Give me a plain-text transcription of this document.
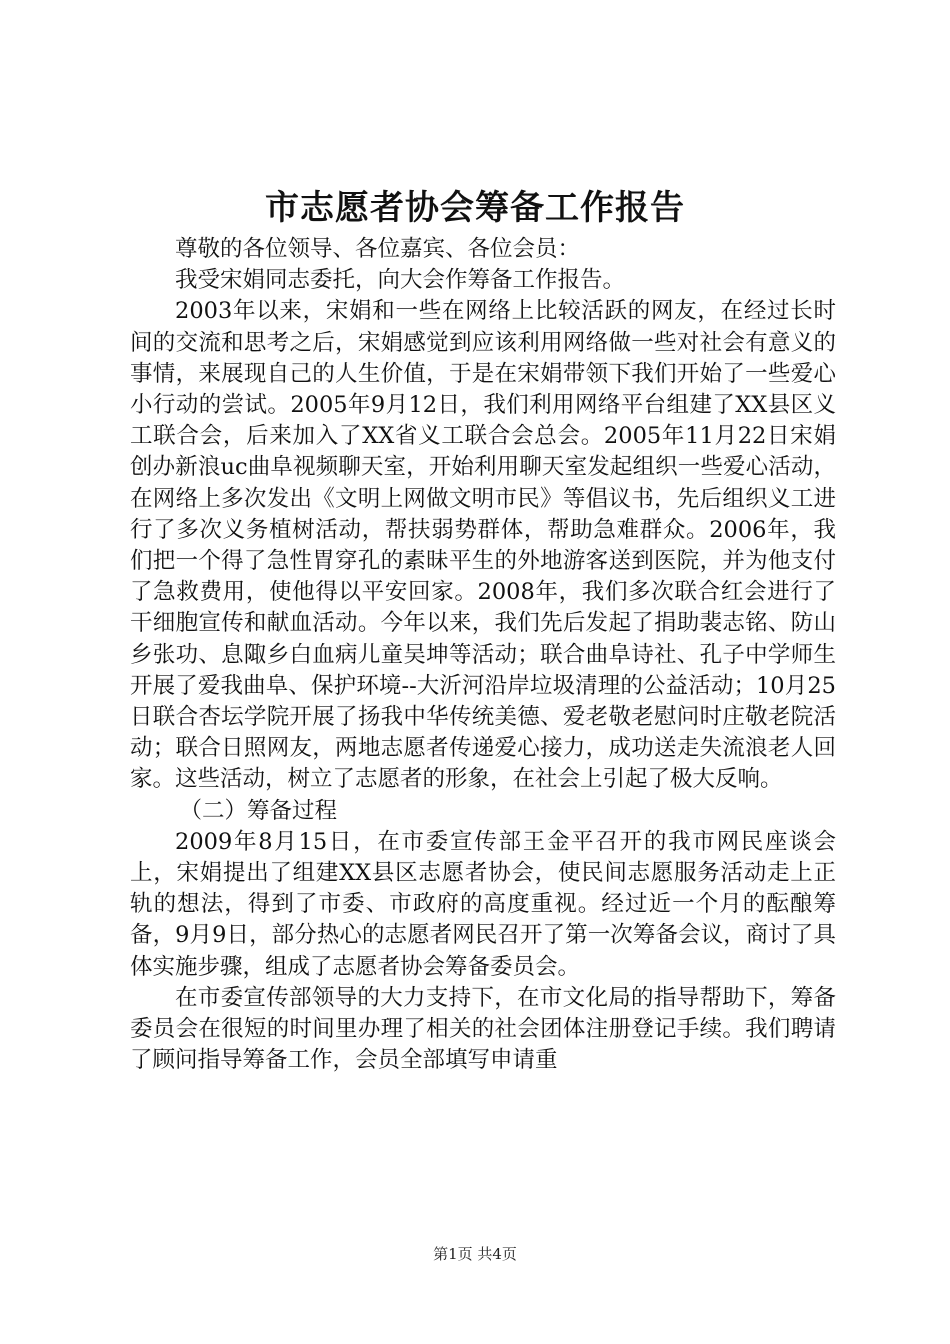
市志愿者协会筹备工作报告

尊敬的各位领导、各位嘉宾、各位会员：

我受宋娟同志委托，向大会作筹备工作报告。

2003年以来，宋娟和一些在网络上比较活跃的网友，在经过长时间的交流和思考之后，宋娟感觉到应该利用网络做一些对社会有意义的事情，来展现自己的人生价值，于是在宋娟带领下我们开始了一些爱心小行动的尝试。2005年9月12日，我们利用网络平台组建了XX县区义工联合会，后来加入了XX省义工联合会总会。2005年11月22日宋娟创办新浪uc曲阜视频聊天室，开始利用聊天室发起组织一些爱心活动，在网络上多次发出《文明上网做文明市民》等倡议书，先后组织义工进行了多次义务植树活动，帮扶弱势群体，帮助急难群众。2006年，我们把一个得了急性胃穿孔的素昧平生的外地游客送到医院，并为他支付了急救费用，使他得以平安回家。2008年，我们多次联合红会进行了干细胞宣传和献血活动。今年以来，我们先后发起了捐助裴志铭、防山乡张功、息陬乡白血病儿童吴坤等活动；联合曲阜诗社、孔子中学师生开展了爱我曲阜、保护环境--大沂河沿岸垃圾清理的公益活动；10月25日联合杏坛学院开展了扬我中华传统美德、爱老敬老慰问时庄敬老院活动；联合日照网友，两地志愿者传递爱心接力，成功送走失流浪老人回家。这些活动，树立了志愿者的形象，在社会上引起了极大反响。

（二）筹备过程

2009年8月15日，在市委宣传部王金平召开的我市网民座谈会上，宋娟提出了组建XX县区志愿者协会，使民间志愿服务活动走上正轨的想法，得到了市委、市政府的高度重视。经过近一个月的酝酿筹备，9月9日，部分热心的志愿者网民召开了第一次筹备会议，商讨了具体实施步骤，组成了志愿者协会筹备委员会。

在市委宣传部领导的大力支持下，在市文化局的指导帮助下，筹备委员会在很短的时间里办理了相关的社会团体注册登记手续。我们聘请了顾问指导筹备工作，会员全部填写申请重

第1页 共4页
